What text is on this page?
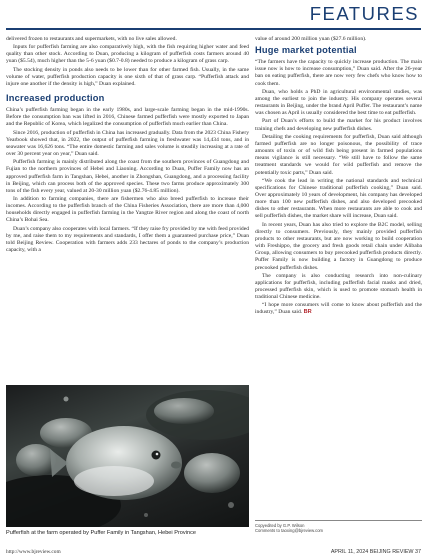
FEATURES

delivered frozen to restaurants and supermarkets, with no live sales allowed.

Inputs for pufferfish farming are also comparatively high, with the fish requiring higher water and feed quality than other stock. According to Duan, producing a kilogram of pufferfish costs farmers around 40 yuan ($5.54), much higher than the 5-6 yuan ($0.7-0.8) needed to produce a kilogram of grass carp.

The stocking density in ponds also needs to be lower than for other farmed fish. Usually, in the same volume of water, pufferfish production capacity is one sixth of that of grass carp. “Pufferfish attack and injure one another if the density is high,” Duan explained.

Increased production

China’s pufferfish farming began in the early 1980s, and large-scale farming began in the mid-1990s. Before the consumption ban was lifted in 2016, Chinese farmed pufferfish were mostly exported to Japan and the Republic of Korea, which legalized the consumption of pufferfish much earlier than China.

Since 2016, production of pufferfish in China has increased gradually. Data from the 2023 China Fishery Yearbook showed that, in 2022, the output of pufferfish farming in freshwater was 14,434 tons, and in seawater was 16,626 tons. “The entire domestic farming and sales volume is steadily increasing at a rate of over 30 percent year on year,” Duan said.

Pufferfish farming is mainly distributed along the coast from the southern provinces of Guangdong and Fujian to the northern provinces of Hebei and Liaoning. According to Duan, Puffer Family now has an approved pufferfish farm in Tangshan, Hebei, another in Zhongshan, Guangdong, and a processing facility in Beijing, which can process both of the approved species. These two farms produce approximately 300 tons of the fish every year, valued at 20-30 million yuan ($2.76-4.85 million).

In addition to farming companies, there are fishermen who also breed pufferfish to increase their incomes. According to the pufferfish branch of the China Fisheries Association, there are more than 4,000 households directly engaged in pufferfish farming in the Yangtze River region and along the coast of north China’s Bohai Sea.

Duan’s company also cooperates with local farmers. “If they raise fry provided by me with feed provided by me, and raise them to my requirements and standards, I offer them a guaranteed purchase price,” Duan told Beijing Review. Cooperation with farmers adds 233 hectares of ponds to the company’s production capacity, with a

Pufferfish at the farm operated by Puffer Family in Tangshan, Hebei Province

value of around 200 million yuan ($27.6 million).

Huge market potential

“The farmers have the capacity to quickly increase production. The main issue now is how to increase consumption,” Duan said. After the 26-year ban on eating pufferfish, there are now very few chefs who know how to cook them.

Duan, who holds a PhD in agricultural environmental studies, was among the earliest to join the industry. His company operates several restaurants in Beijing, under the brand April Puffer. The restaurant’s name was chosen as April is usually considered the best time to eat pufferfish.

Part of Duan’s efforts to build the market for his product involves training chefs and developing new pufferfish dishes.

Detailing the cooking requirements for pufferfish, Duan said although farmed pufferfish are no longer poisonous, the possibility of trace amounts of toxin or of wild fish being present in farmed populations means vigilance is still necessary. “We still have to follow the same treatment standards we would for wild pufferfish and remove the potentially toxic parts,” Duan said.

“We cook the lead in writing the national standards and technical specifications for Chinese traditional pufferfish cooking,” Duan said. Over approximately 10 years of development, his company has developed more than 100 new pufferfish dishes, and also developed precooked dishes to other restaurants. When more restaurants are able to cook and sell pufferfish dishes, the market share will increase, Duan said.

In recent years, Duan has also tried to explore the B2C model, selling directly to consumers. Previously, they mainly provided pufferfish products to other restaurants, but are now working to build cooperation with Freshippo, the grocery and fresh goods retail chain under Alibaba Group, allowing consumers to buy precooked pufferfish products directly. Puffer Family is now building a factory in Guangdong to produce precooked pufferfish dishes.

The company is also conducting research into non-culinary applications for pufferfish, including pufferfish facial masks and dried, processed pufferfish skin, which is used to promote stomach health in traditional Chinese medicine.

“I hope more consumers will come to know about pufferfish and the industry,” Duan said. BR

Copyedited by G.P. Wilson
Comments to taoxing@bjreview.com
http://www.bjreview.com	APRIL 11, 2024 BEIJING REVIEW 37
